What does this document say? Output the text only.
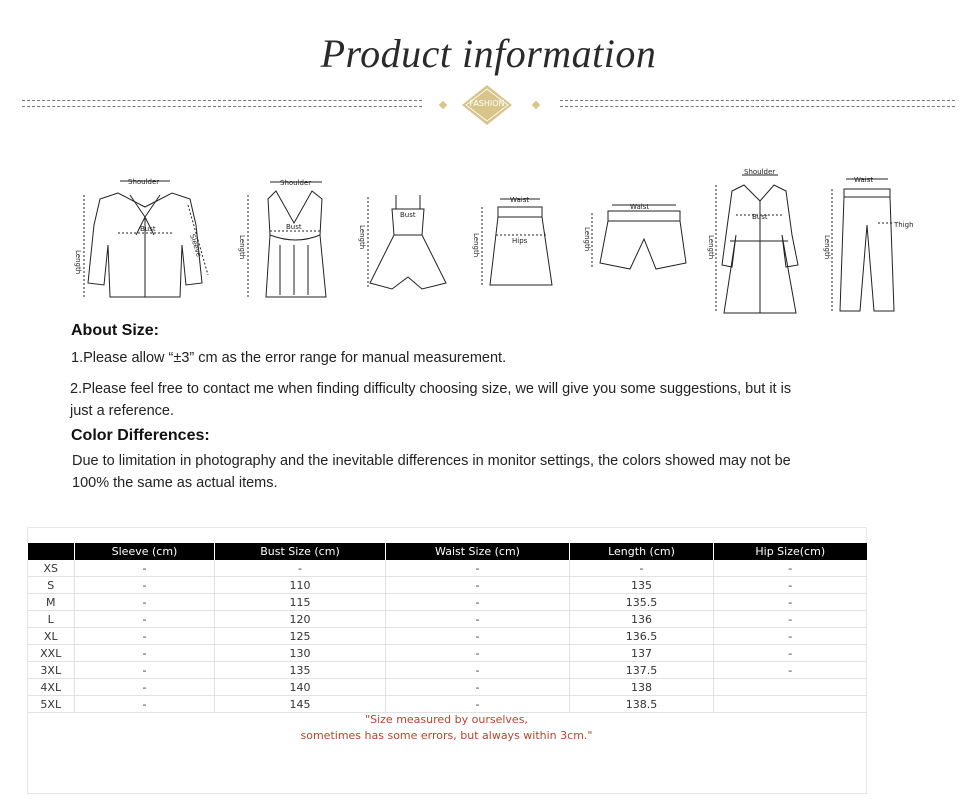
Product information
FASHION
Shoulder
Length
Bust
Sleeve
Shoulder
Length
Bust
Bust
Length
Waist
Length	Hips
Waist
Length
Shoulder
Length
Bust
Waist
Length
Thigh
About Size:
1.Please allow “±3” cm as the error range for manual measurement.
2.Please feel free to contact me when finding difficulty choosing size, we will give you some suggestions, but it is
just a reference.
Color Differences:
Due to limitation in photography and the inevitable differences in monitor settings, the colors showed may not be
100% the same as actual items.
	Sleeve (cm)	Bust Size (cm)	Waist Size (cm)	Length (cm)	Hip Size(cm)
XS	-	-	-	-	-
S	-	110	-	135	-
M	-	115	-	135.5	-
L	-	120	-	136	-
XL	-	125	-	136.5	-
XXL	-	130	-	137	-
3XL	-	135	-	137.5	-
4XL	-	140	-	138	
5XL	-	145	-	138.5	
"Size measured by ourselves,
sometimes has some errors, but always within 3cm."
